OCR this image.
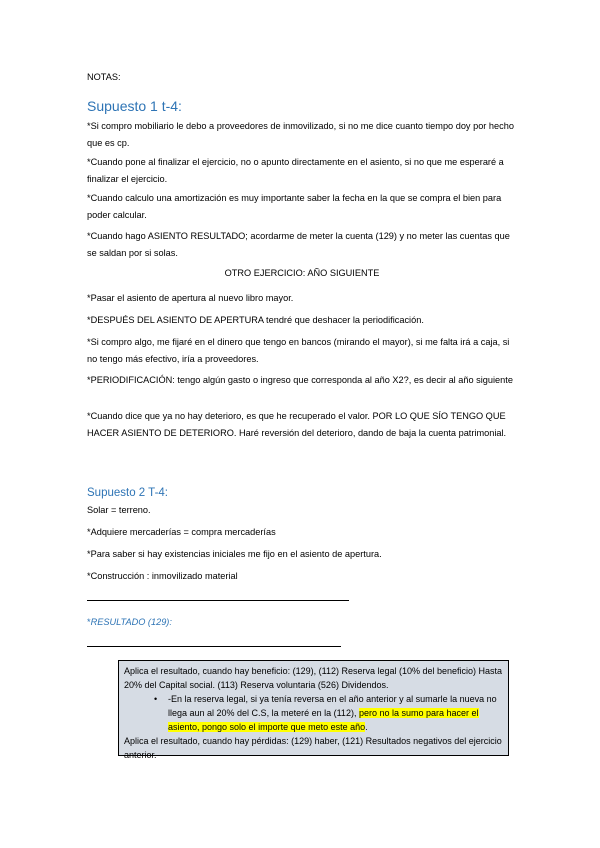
NOTAS:
Supuesto 1 t-4:
*Si compro mobiliario le debo a proveedores de inmovilizado, si no me dice cuanto tiempo doy por hecho que es cp.
*Cuando pone al finalizar el ejercicio, no o apunto directamente en el asiento, si no que me esperaré a finalizar el ejercicio.
*Cuando calculo una amortización es muy importante saber la fecha en la que se compra el bien para poder calcular.
*Cuando hago ASIENTO RESULTADO; acordarme de meter la cuenta (129) y no meter las cuentas que se saldan por si solas.
OTRO EJERCICIO: AÑO SIGUIENTE
*Pasar el asiento de apertura al nuevo libro mayor.
*DESPUÉS DEL ASIENTO DE APERTURA tendré que deshacer la periodificación.
*Si compro algo, me fijaré en el dinero que tengo en bancos (mirando el mayor), si me falta irá a caja, si no tengo más efectivo, iría a proveedores.
*PERIODIFICACIÓN: tengo algún gasto o ingreso que corresponda al año X2?, es decir al año siguiente
*Cuando dice que ya no hay deterioro, es que he recuperado el valor. POR LO QUE SÍO TENGO QUE HACER ASIENTO DE DETERIORO. Haré reversión del deterioro, dando de baja la cuenta patrimonial.
Supuesto 2 T-4:
Solar = terreno.
*Adquiere mercaderías = compra mercaderías
*Para saber si hay existencias iniciales me fijo en el asiento de apertura.
*Construcción : inmovilizado material
*RESULTADO (129):
Aplica el resultado, cuando hay beneficio: (129), (112) Reserva legal (10% del beneficio) Hasta 20% del Capital social. (113) Reserva voluntaria (526) Dividendos.
• -En la reserva legal, si ya tenía reversa en el año anterior y al sumarle la nueva no llega aun al 20% del C.S, la meteré en la (112), pero no la sumo para hacer el asiento, pongo solo el importe que meto este año.
Aplica el resultado, cuando hay pérdidas: (129) haber, (121) Resultados negativos del ejercicio anterior.
